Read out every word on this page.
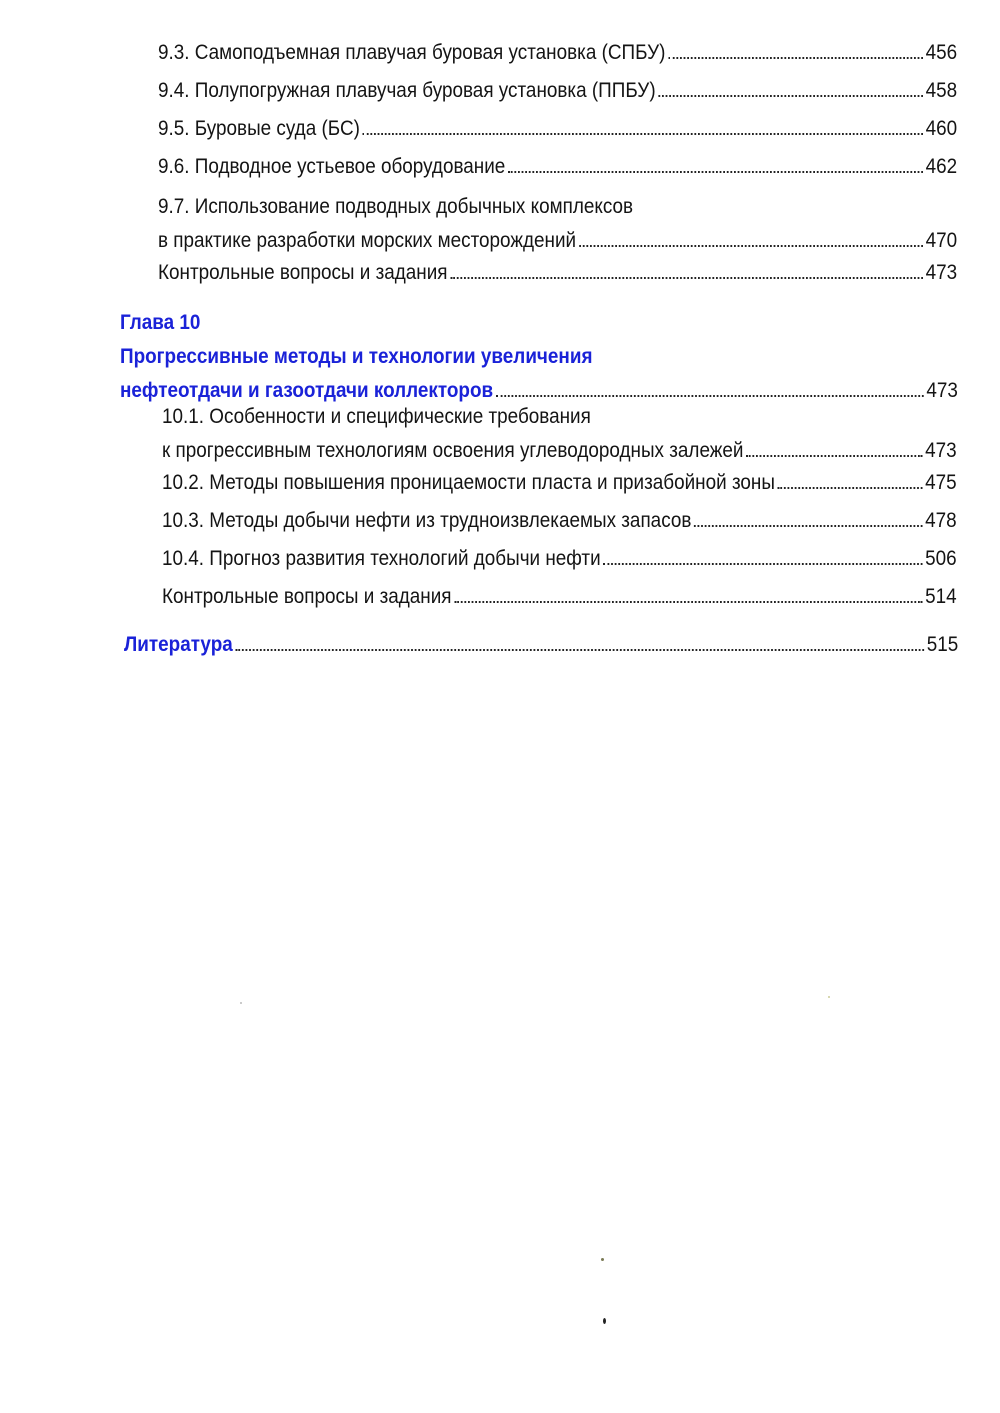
9.3. Самоподъемная плавучая буровая установка (СПБУ)	456
9.4. Полупогружная плавучая буровая установка (ППБУ)	458
9.5. Буровые суда (БС)	460
9.6. Подводное устьевое оборудование	462
9.7. Использование подводных добычных комплексов
в практике разработки морских месторождений	470
Контрольные вопросы и задания	473
Глава 10
Прогрессивные методы и технологии увеличения
нефтеотдачи и газоотдачи коллекторов	473
10.1. Особенности и специфические требования
к прогрессивным технологиям освоения углеводородных залежей	473
10.2. Методы повышения проницаемости пласта и призабойной зоны	475
10.3. Методы добычи нефти из трудноизвлекаемых запасов	478
10.4. Прогноз развития технологий добычи нефти	506
Контрольные вопросы и задания	514
Литература	515
